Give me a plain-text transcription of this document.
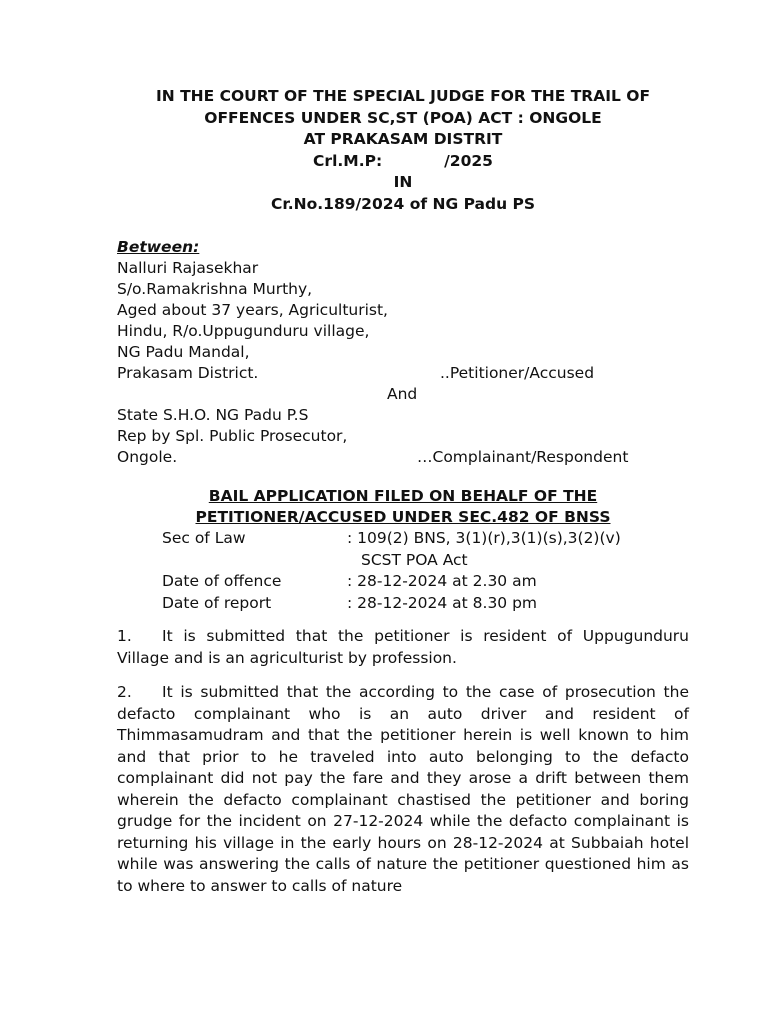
IN THE COURT OF THE SPECIAL JUDGE FOR THE TRAIL OF
OFFENCES UNDER SC,ST (POA) ACT : ONGOLE
AT PRAKASAM DISTRIT
Crl.M.P:	/2025
IN
Cr.No.189/2024 of NG Padu PS
Between:
Nalluri Rajasekhar
S/o.Ramakrishna Murthy,
Aged about 37 years, Agriculturist,
Hindu, R/o.Uppugunduru village,
NG Padu Mandal,
Prakasam District.	..Petitioner/Accused
And
State S.H.O. NG Padu P.S
Rep by Spl. Public Prosecutor,
Ongole.	…Complainant/Respondent
BAIL APPLICATION FILED ON BEHALF OF THE
PETITIONER/ACCUSED UNDER SEC.482 OF BNSS
Sec of Law	: 109(2) BNS, 3(1)(r),3(1)(s),3(2)(v)
SCST POA Act
Date of offence	: 28-12-2024 at 2.30 am
Date of report	: 28-12-2024 at 8.30 pm
1. It is submitted that the petitioner is resident of Uppugunduru Village and is an agriculturist by profession.
2. It is submitted that the according to the case of prosecution the defacto complainant who is an auto driver and resident of Thimmasamudram and that the petitioner herein is well known to him and that prior to he traveled into auto belonging to the defacto complainant did not pay the fare and they arose a drift between them wherein the defacto complainant chastised the petitioner and boring grudge for the incident on 27-12-2024 while the defacto complainant is returning his village in the early hours on 28-12-2024 at Subbaiah hotel while was answering the calls of nature the petitioner questioned him as to where to answer to calls of nature
